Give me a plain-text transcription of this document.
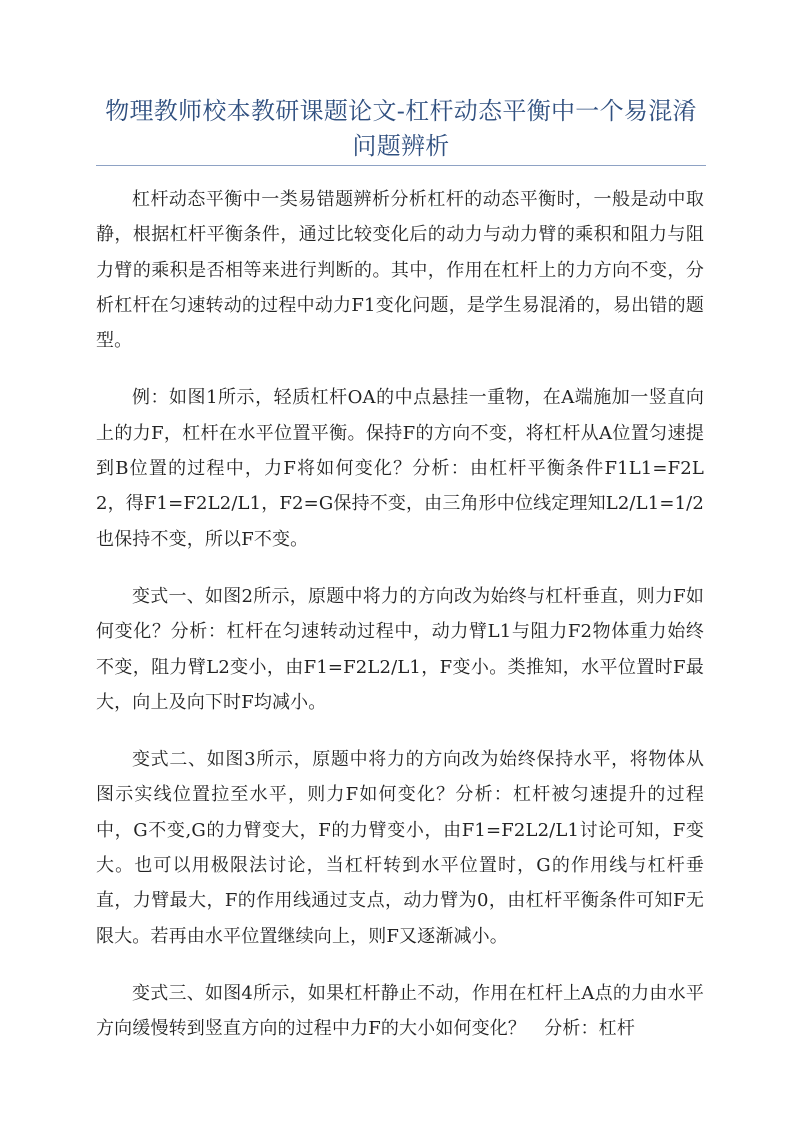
物理教师校本教研课题论文-杠杆动态平衡中一个易混淆问题辨析

杠杆动态平衡中一类易错题辨析分析杠杆的动态平衡时，一般是动中取静，根据杠杆平衡条件，通过比较变化后的动力与动力臂的乘积和阻力与阻力臂的乘积是否相等来进行判断的。其中，作用在杠杆上的力方向不变，分析杠杆在匀速转动的过程中动力F1变化问题，是学生易混淆的，易出错的题型。

例：如图1所示，轻质杠杆OA的中点悬挂一重物，在A端施加一竖直向上的力F，杠杆在水平位置平衡。保持F的方向不变，将杠杆从A位置匀速提到B位置的过程中，力F将如何变化？分析：由杠杆平衡条件F1L1=F2L2，得F1=F2L2/L1，F2=G保持不变，由三角形中位线定理知L2/L1=1/2也保持不变，所以F不变。

变式一、如图2所示，原题中将力的方向改为始终与杠杆垂直，则力F如何变化？分析：杠杆在匀速转动过程中，动力臂L1与阻力F2物体重力始终不变，阻力臂L2变小，由F1=F2L2/L1，F变小。类推知，水平位置时F最大，向上及向下时F均减小。

变式二、如图3所示，原题中将力的方向改为始终保持水平，将物体从图示实线位置拉至水平，则力F如何变化？分析：杠杆被匀速提升的过程中，G不变,G的力臂变大，F的力臂变小，由F1=F2L2/L1讨论可知，F变大。也可以用极限法讨论，当杠杆转到水平位置时，G的作用线与杠杆垂直，力臂最大，F的作用线通过支点，动力臂为0，由杠杆平衡条件可知F无限大。若再由水平位置继续向上，则F又逐渐减小。

变式三、如图4所示，如果杠杆静止不动，作用在杠杆上A点的力由水平方向缓慢转到竖直方向的过程中力F的大小如何变化？　分析：杠杆
